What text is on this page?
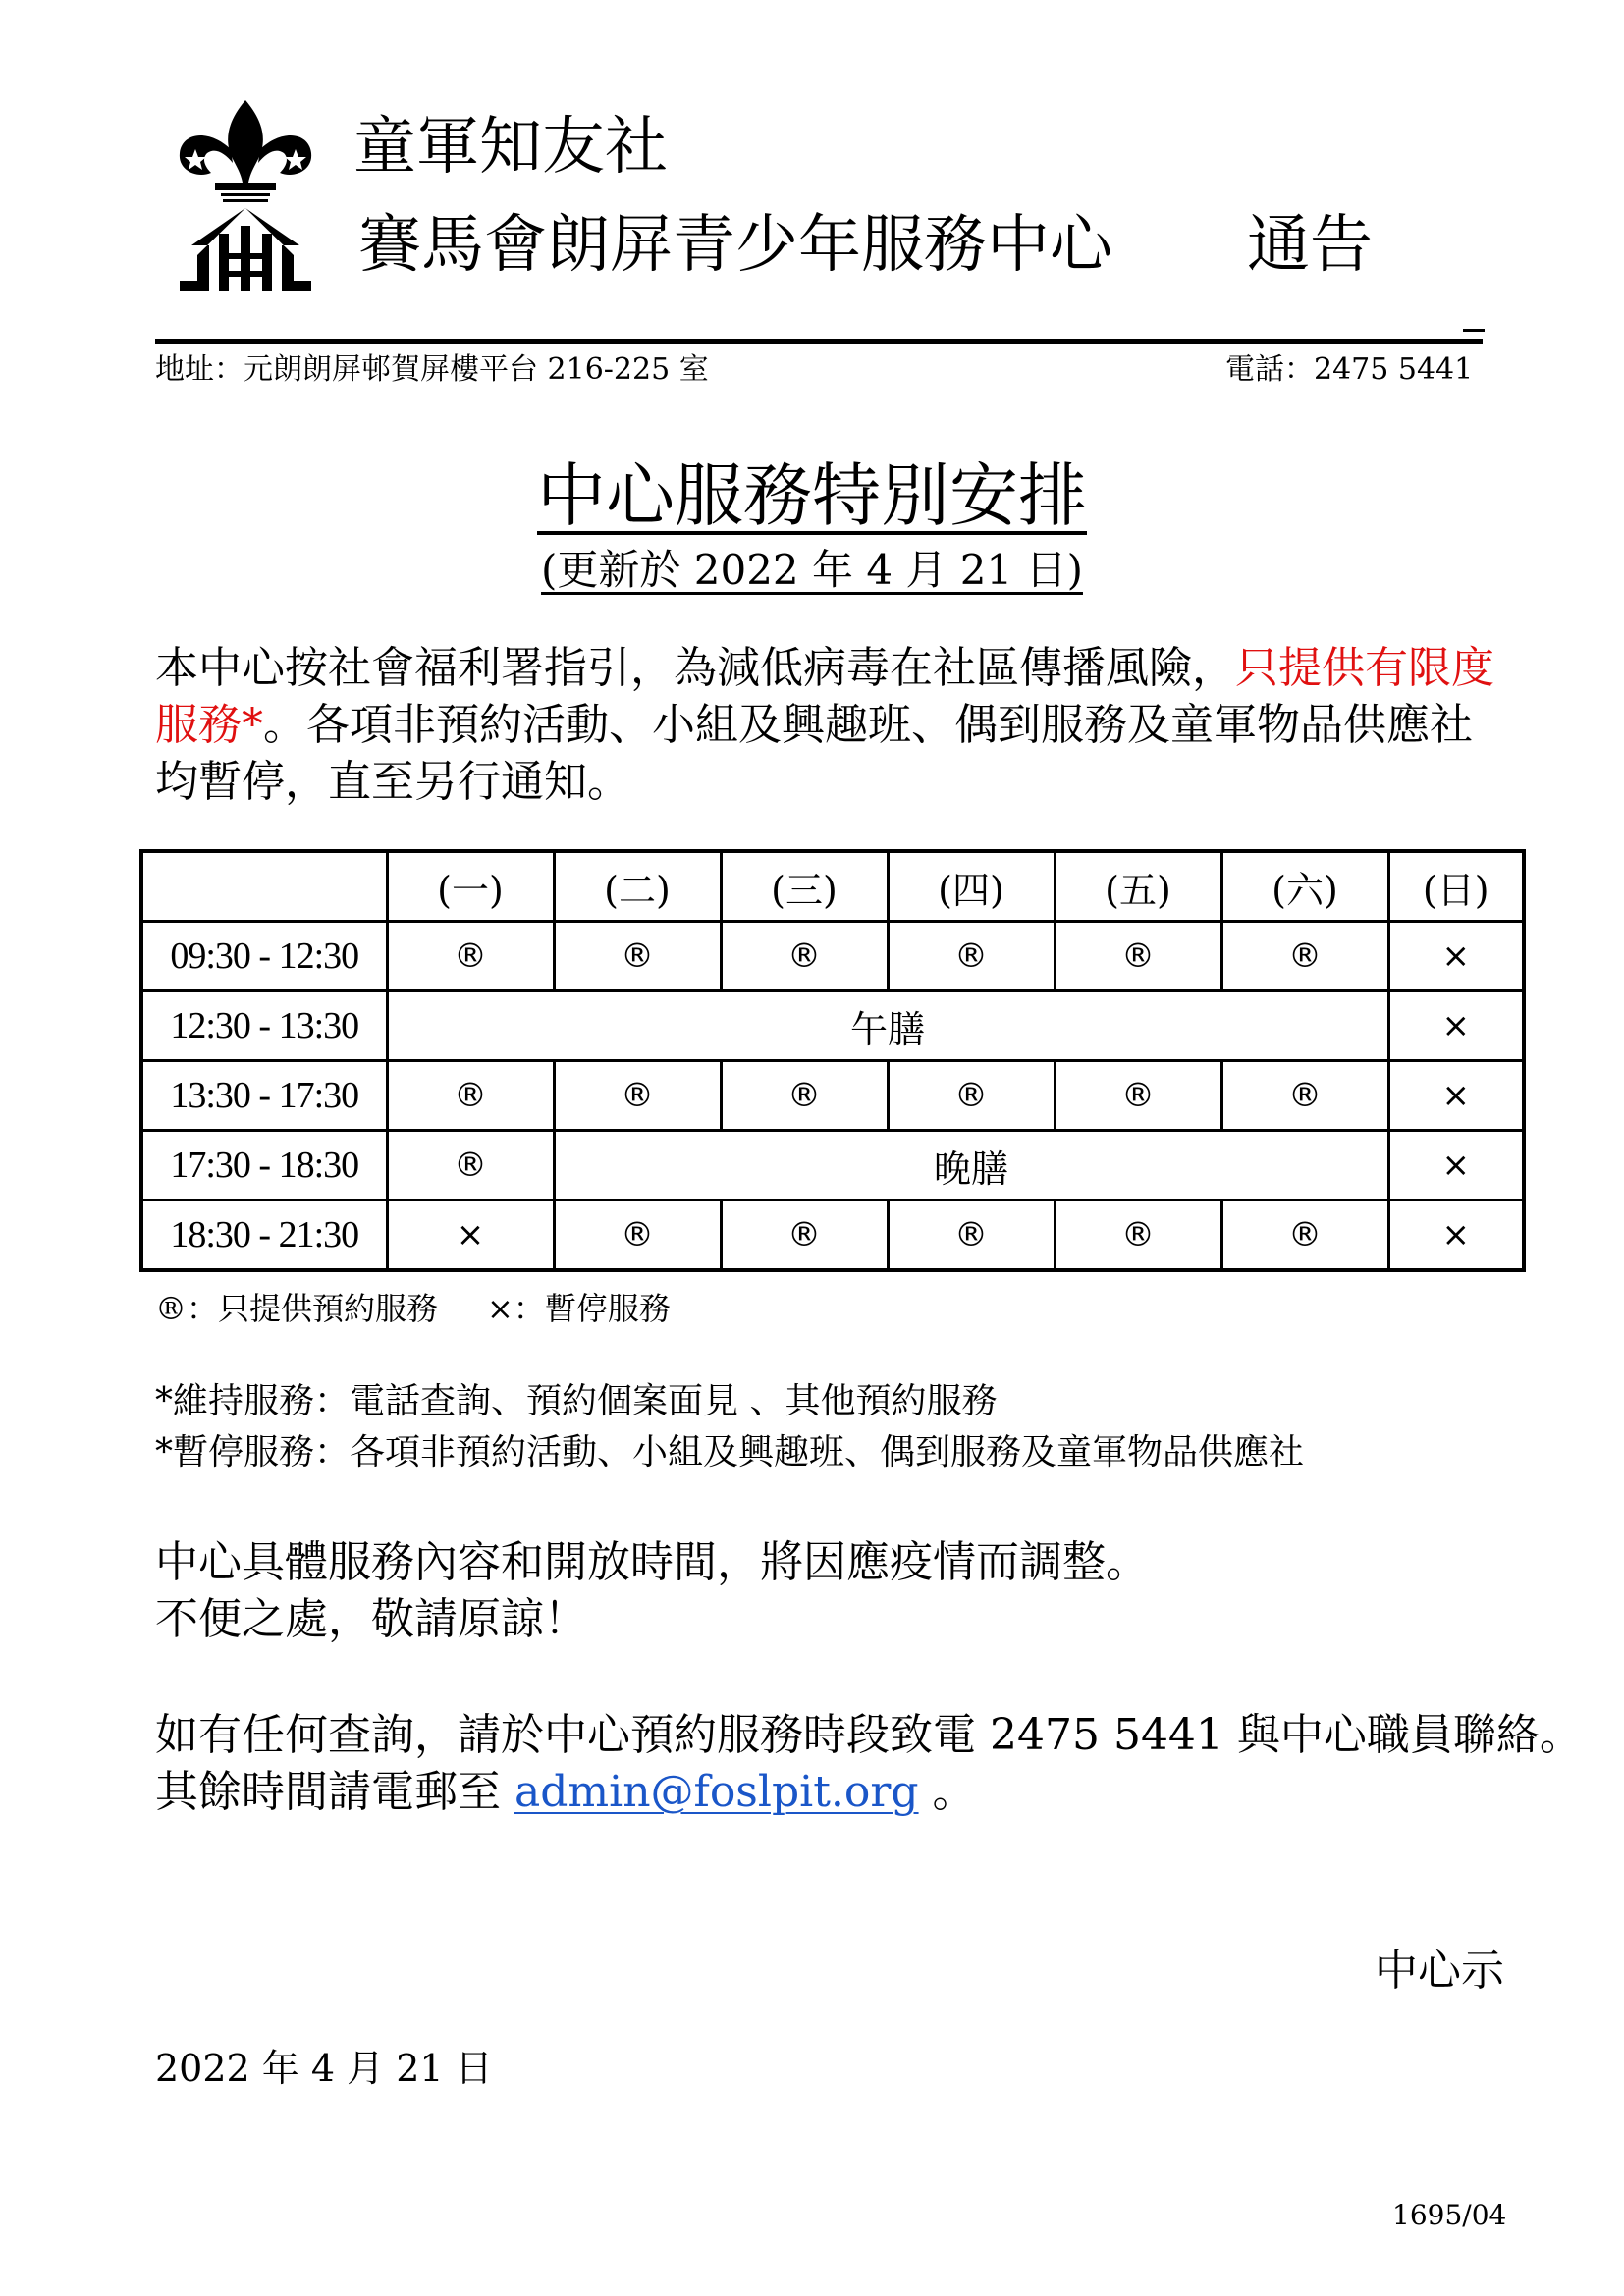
童軍知友社
賽馬會朗屏青少年服務中心 通告
地址：元朗朗屏邨賀屏樓平台 216-225 室	電話：2475 5441
中心服務特別安排
(更新於 2022 年 4 月 21 日)
本中心按社會福利署指引，為減低病毒在社區傳播風險，只提供有限度服務*。各項非預約活動、小組及興趣班、偶到服務及童軍物品供應社均暫停，直至另行通知。
	(一)	(二)	(三)	(四)	(五)	(六)	(日)
09:30 - 12:30	®	®	®	®	®	®	×
12:30 - 13:30	午膳						×
13:30 - 17:30	®	®	®	®	®	®	×
17:30 - 18:30	®	晚膳					×
18:30 - 21:30	×	®	®	®	®	®	×
®：只提供預約服務 ×：暫停服務
*維持服務：電話查詢、預約個案面見 、其他預約服務
*暫停服務：各項非預約活動、小組及興趣班、偶到服務及童軍物品供應社
中心具體服務內容和開放時間，將因應疫情而調整。
不便之處，敬請原諒！
如有任何查詢，請於中心預約服務時段致電 2475 5441 與中心職員聯絡。
其餘時間請電郵至 admin@foslpit.org 。
中心示
2022 年 4 月 21 日
1695/04
